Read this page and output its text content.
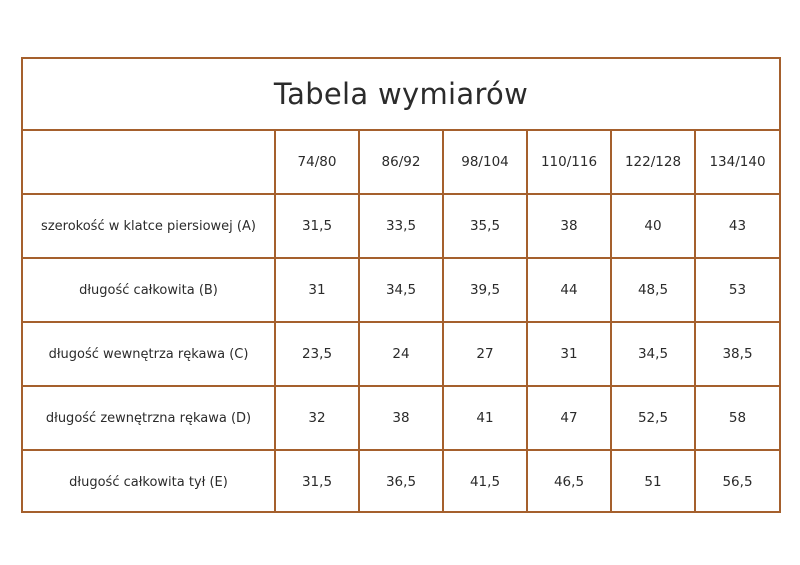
Tabela wymiarów
	74/80	86/92	98/104	110/116	122/128	134/140
szerokość w klatce piersiowej (A)	31,5	33,5	35,5	38	40	43
długość całkowita (B)	31	34,5	39,5	44	48,5	53
długość wewnętrza rękawa (C)	23,5	24	27	31	34,5	38,5
długość zewnętrzna rękawa (D)	32	38	41	47	52,5	58
długość całkowita tył (E)	31,5	36,5	41,5	46,5	51	56,5
